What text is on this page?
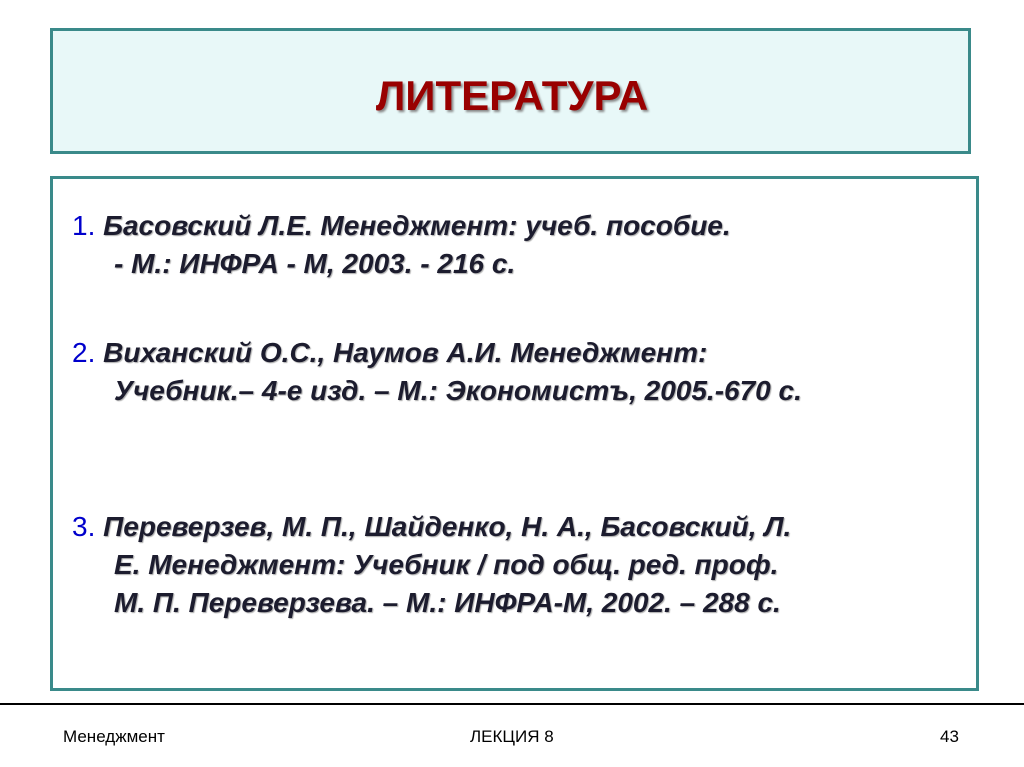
ЛИТЕРАТУРА
1. Басовский Л.Е. Менеджмент: учеб. пособие.
- М.: ИНФРА - М, 2003. - 216 с.
2. Виханский О.С., Наумов А.И. Менеджмент:
Учебник.– 4-е изд. – М.: Экономистъ, 2005.-670 с.
3. Переверзев, М. П., Шайденко, Н. А., Басовский, Л.
Е. Менеджмент: Учебник / под общ. ред. проф.
М. П. Переверзева. – М.: ИНФРА-М, 2002. – 288 с.
Менеджмент	ЛЕКЦИЯ 8	43
